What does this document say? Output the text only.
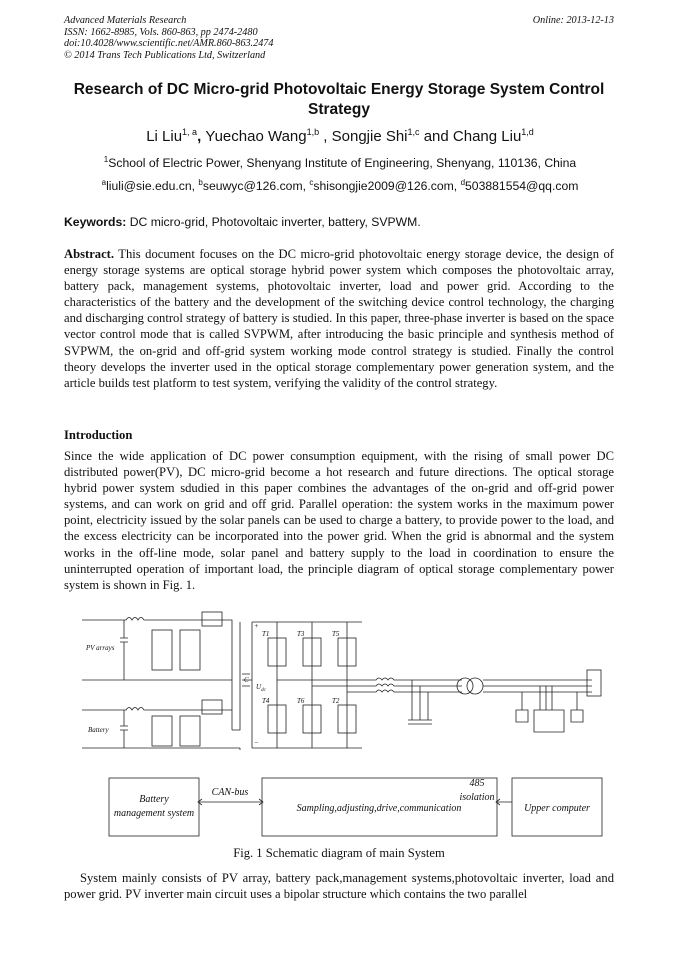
Advanced Materials Research
ISSN: 1662-8985, Vols. 860-863, pp 2474-2480
doi:10.4028/www.scientific.net/AMR.860-863.2474
© 2014 Trans Tech Publications Ltd, Switzerland
Online: 2013-12-13
Research of DC Micro-grid Photovoltaic Energy Storage System Control Strategy
Li Liu$^{1, a}$, Yuechao Wang$^{1,b}$ , Songjie Shi$^{1,c}$ and Chang Liu$^{1,d}$
$^1$School of Electric Power, Shenyang Institute of Engineering, Shenyang, 110136, China
$^a$liuli@sie.edu.cn, $^b$seuwyc@126.com, $^c$shisongjie2009@126.com, $^d$503881554@qq.com
Keywords: DC micro-grid, Photovoltaic inverter, battery, SVPWM.
Abstract. This document focuses on the DC micro-grid photovoltaic energy storage device, the design of energy storage systems are optical storage hybrid power system which composes the photovoltaic array, battery pack, management systems, photovoltaic inverter, load and power grid. According to the characteristics of the battery and the development of the switching device control technology, the charging and discharging control strategy of battery is studied. In this paper, three-phase inverter is based on the space vector control mode that is called SVPWM, after introducing the basic principle and synthesis method of SVPWM, the on-grid and off-grid system working mode control strategy is studied. Finally the control theory develops the inverter used in the optical storage complementary power generation system, and the article builds test platform to test system, verifying the validity of the control strategy.
Introduction
Since the wide application of DC power consumption equipment, with the rising of small power DC distributed power(PV), DC micro-grid become a hot research and future directions. The optical storage hybrid power system sdudied in this paper combines the advantages of the on-grid and off-grid power systems, and can work on grid and off grid. Parallel operation: the system works in the maximum power point, electricity issued by the solar panels can be used to charge a battery, to provide power to the load, and the excess electricity can be incorporated into the power grid. When the grid is abnormal and the system works in the off-line mode, solar panel and battery supply to the load in coordination to ensure the uninterrupted operation of important load, the principle diagram of optical storage complementary power system is shown in Fig. 1.
PV arrays
Battery
C
$U_{dc}$
+
−
T1	T3	T5
T4	T6	T2
Battery
management system
CAN-bus
Sampling,adjusting,drive,communication
485
isolation
Upper computer
Fig. 1 Schematic diagram of main System
System mainly consists of PV array, battery pack,management systems,photovoltaic inverter, load and power grid. PV inverter main circuit uses a bipolar structure which contains the two parallel
